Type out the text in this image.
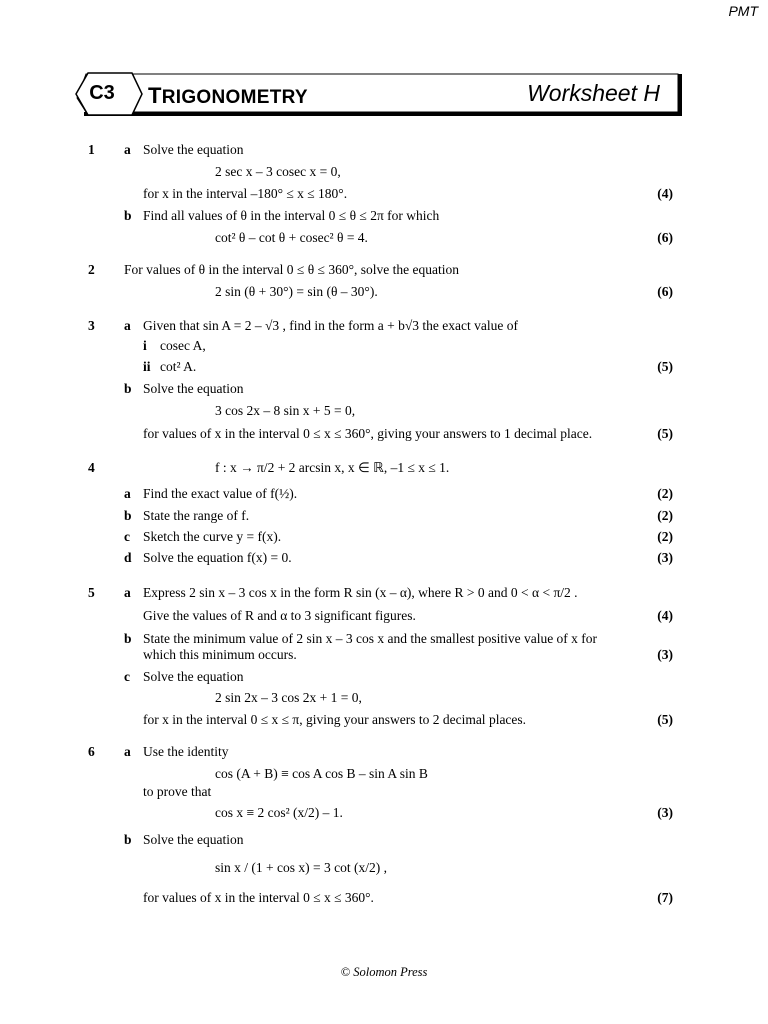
PMT
C3 TRIGONOMETRY	Worksheet H
1 a Solve the equation
2 sec x – 3 cosec x = 0,
for x in the interval –180° ≤ x ≤ 180°.	(4)
b Find all values of θ in the interval 0 ≤ θ ≤ 2π for which
cot² θ – cot θ + cosec² θ = 4.	(6)
2 For values of θ in the interval 0 ≤ θ ≤ 360°, solve the equation
2 sin (θ + 30°) = sin (θ – 30°).	(6)
3 a Given that sin A = 2 – √3 , find in the form a + b√3 the exact value of
i cosec A,
ii cot² A.	(5)
b Solve the equation
3 cos 2x – 8 sin x + 5 = 0,
for values of x in the interval 0 ≤ x ≤ 360°, giving your answers to 1 decimal place.	(5)
4	f : x → π/2 + 2 arcsin x, x ∈ ℝ, –1 ≤ x ≤ 1.
a Find the exact value of f(½).	(2)
b State the range of f.	(2)
c Sketch the curve y = f(x).	(2)
d Solve the equation f(x) = 0.	(3)
5 a Express 2 sin x – 3 cos x in the form R sin (x – α), where R > 0 and 0 < α < π/2 .
Give the values of R and α to 3 significant figures.	(4)
b State the minimum value of 2 sin x – 3 cos x and the smallest positive value of x for
which this minimum occurs.	(3)
c Solve the equation
2 sin 2x – 3 cos 2x + 1 = 0,
for x in the interval 0 ≤ x ≤ π, giving your answers to 2 decimal places.	(5)
6 a Use the identity
cos (A + B) ≡ cos A cos B – sin A sin B
to prove that
cos x ≡ 2 cos² (x/2) – 1.	(3)
b Solve the equation
sin x / (1 + cos x) = 3 cot (x/2) ,
for values of x in the interval 0 ≤ x ≤ 360°.	(7)
© Solomon Press
